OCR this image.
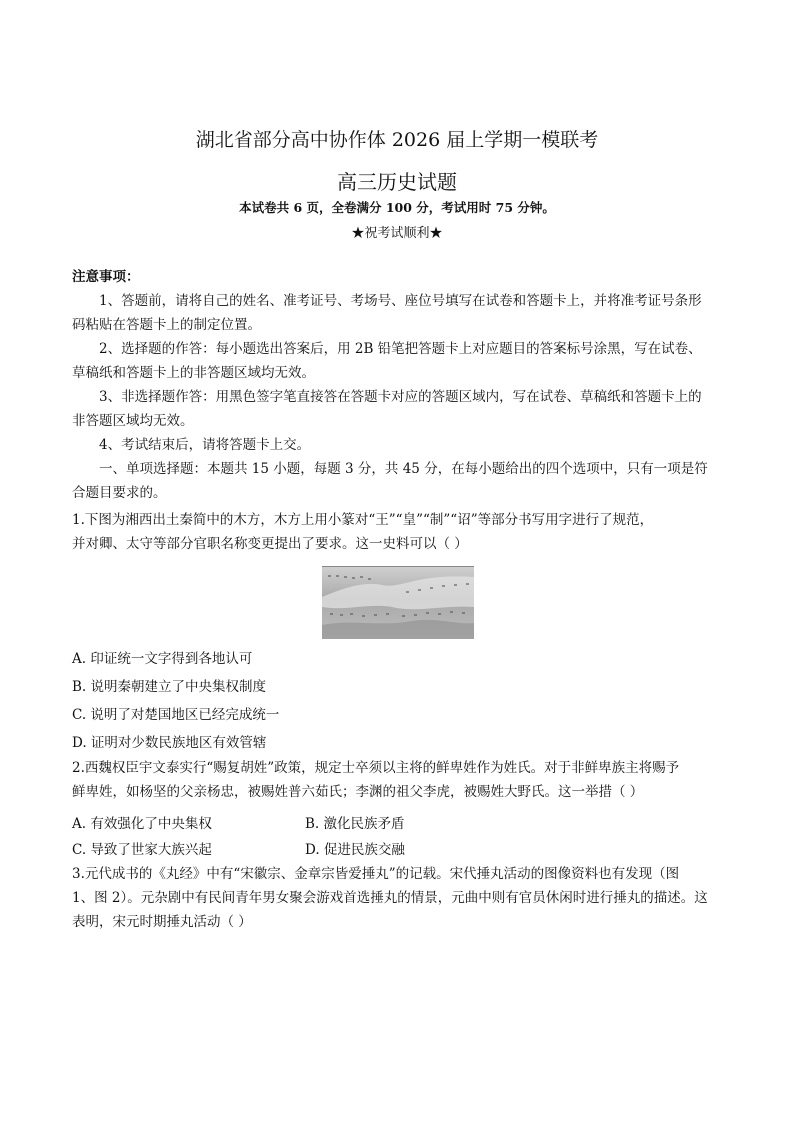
湖北省部分高中协作体 2026 届上学期一模联考
高三历史试题
本试卷共 6 页，全卷满分 100 分，考试用时 75 分钟。
★祝考试顺利★
注意事项：
1、答题前，请将自己的姓名、准考证号、考场号、座位号填写在试卷和答题卡上，并将准考证号条形
码粘贴在答题卡上的制定位置。
2、选择题的作答：每小题选出答案后，用 2B 铅笔把答题卡上对应题目的答案标号涂黑，写在试卷、
草稿纸和答题卡上的非答题区域均无效。
3、非选择题作答：用黑色签字笔直接答在答题卡对应的答题区域内，写在试卷、草稿纸和答题卡上的
非答题区域均无效。
4、考试结束后，请将答题卡上交。
一、单项选择题：本题共 15 小题，每题 3 分，共 45 分，在每小题给出的四个选项中，只有一项是符
合题目要求的。
1.下图为湘西出土秦简中的木方，木方上用小篆对“王”“皇”“制”“诏”等部分书写用字进行了规范，
并对卿、太守等部分官职名称变更提出了要求。这一史料可以（ ）
A. 印证统一文字得到各地认可
B. 说明秦朝建立了中央集权制度
C. 说明了对楚国地区已经完成统一
D. 证明对少数民族地区有效管辖
2.西魏权臣宇文泰实行“赐复胡姓”政策，规定士卒须以主将的鲜卑姓作为姓氏。对于非鲜卑族主将赐予
鲜卑姓，如杨坚的父亲杨忠，被赐姓普六茹氏；李渊的祖父李虎，被赐姓大野氏。这一举措（ ）
A. 有效强化了中央集权	B. 激化民族矛盾
C. 导致了世家大族兴起	D. 促进民族交融
3.元代成书的《丸经》中有“宋徽宗、金章宗皆爱捶丸”的记载。宋代捶丸活动的图像资料也有发现（图
1、图 2）。元杂剧中有民间青年男女聚会游戏首选捶丸的情景，元曲中则有官员休闲时进行捶丸的描述。这
表明，宋元时期捶丸活动（ ）
